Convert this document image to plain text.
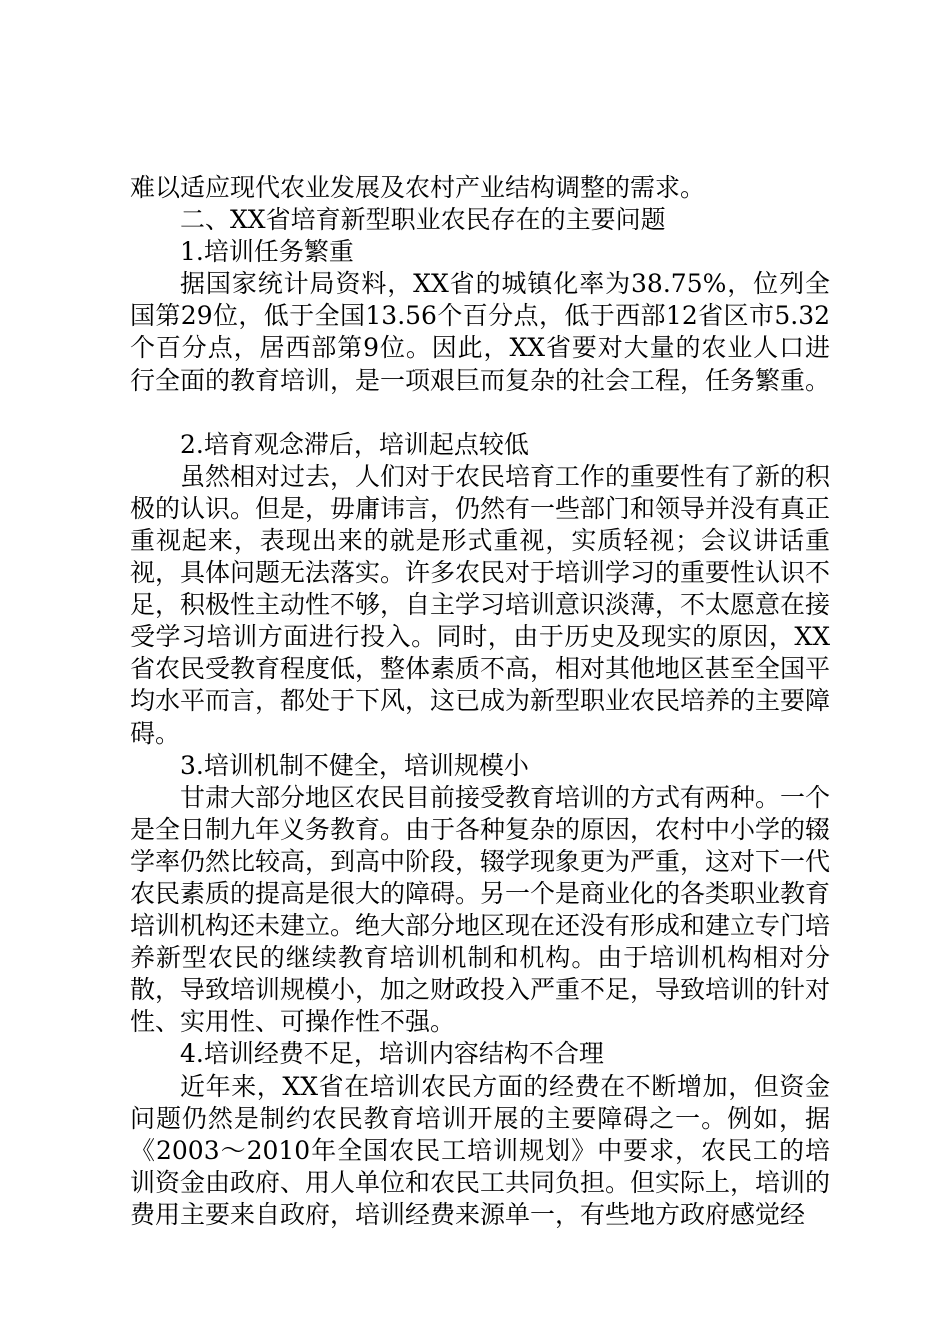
难以适应现代农业发展及农村产业结构调整的需求。

二、XX省培育新型职业农民存在的主要问题

1.培训任务繁重

据国家统计局资料，XX省的城镇化率为38.75%，位列全国第29位，低于全国13.56个百分点，低于西部12省区市5.32个百分点，居西部第9位。因此，XX省要对大量的农业人口进行全面的教育培训，是一项艰巨而复杂的社会工程，任务繁重。

2.培育观念滞后，培训起点较低

虽然相对过去，人们对于农民培育工作的重要性有了新的积极的认识。但是，毋庸讳言，仍然有一些部门和领导并没有真正重视起来，表现出来的就是形式重视，实质轻视；会议讲话重视，具体问题无法落实。许多农民对于培训学习的重要性认识不足，积极性主动性不够，自主学习培训意识淡薄，不太愿意在接受学习培训方面进行投入。同时，由于历史及现实的原因，XX省农民受教育程度低，整体素质不高，相对其他地区甚至全国平均水平而言，都处于下风，这已成为新型职业农民培养的主要障碍。

3.培训机制不健全，培训规模小

甘肃大部分地区农民目前接受教育培训的方式有两种。一个是全日制九年义务教育。由于各种复杂的原因，农村中小学的辍学率仍然比较高，到高中阶段，辍学现象更为严重，这对下一代农民素质的提高是很大的障碍。另一个是商业化的各类职业教育培训机构还未建立。绝大部分地区现在还没有形成和建立专门培养新型农民的继续教育培训机制和机构。由于培训机构相对分散，导致培训规模小，加之财政投入严重不足，导致培训的针对性、实用性、可操作性不强。

4.培训经费不足，培训内容结构不合理

近年来，XX省在培训农民方面的经费在不断增加，但资金问题仍然是制约农民教育培训开展的主要障碍之一。例如，据《2003～2010年全国农民工培训规划》中要求，农民工的培训资金由政府、用人单位和农民工共同负担。但实际上，培训的费用主要来自政府，培训经费来源单一，有些地方政府感觉经
